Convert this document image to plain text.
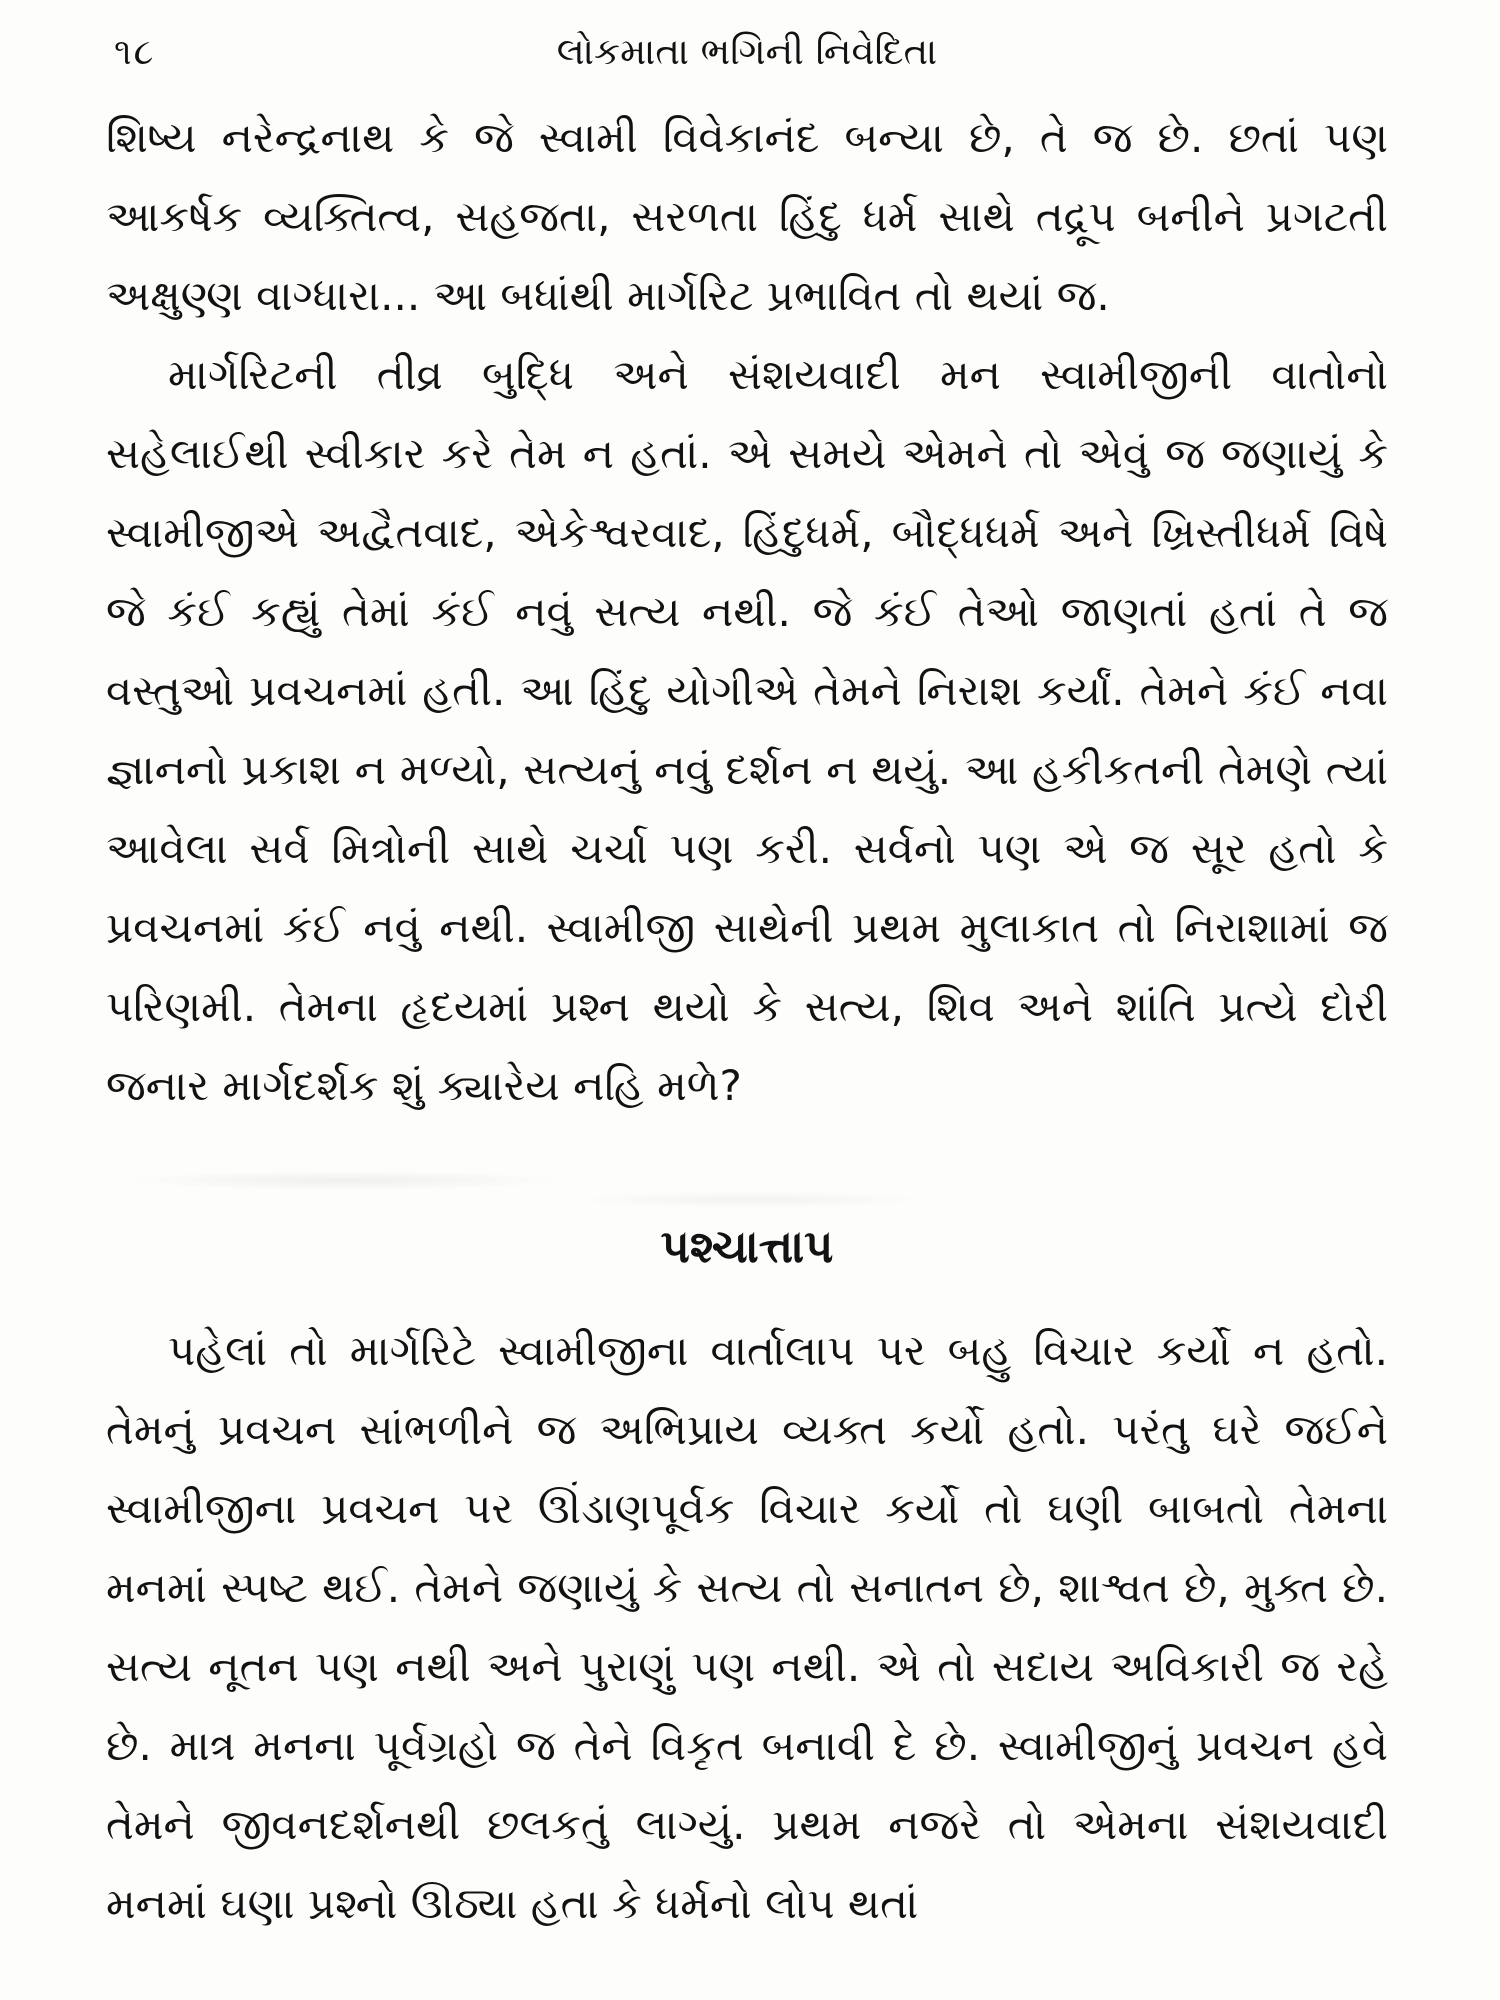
૧૮	લોકમાતા ભગિની નિવેદિતા

શિષ્ય નરેન્દ્રનાથ કે જે સ્વામી વિવેકાનંદ બન્યા છે, તે જ છે. છતાં પણ આકર્ષક વ્યક્તિત્વ, સહજતા, સરળતા હિંદુ ધર્મ સાથે તદ્રૂપ બનીને પ્રગટતી અક્ષુણ્ણ વાગ્ધારા... આ બધાંથી માર્ગરિટ પ્રભાવિત તો થયાં જ.

માર્ગરિટની તીવ્ર બુદ્ધિ અને સંશયવાદી મન સ્વામીજીની વાતોનો સહેલાઈથી સ્વીકાર કરે તેમ ન હતાં. એ સમયે એમને તો એવું જ જણાયું કે સ્વામીજીએ અદ્વૈતવાદ, એકેશ્વરવાદ, હિંદુધર્મ, બૌદ્ધધર્મ અને ખ્રિસ્તીધર્મ વિષે જે કંઈ કહ્યું તેમાં કંઈ નવું સત્ય નથી. જે કંઈ તેઓ જાણતાં હતાં તે જ વસ્તુઓ પ્રવચનમાં હતી. આ હિંદુ યોગીએ તેમને નિરાશ કર્યાં. તેમને કંઈ નવા જ્ઞાનનો પ્રકાશ ન મળ્યો, સત્યનું નવું દર્શન ન થયું. આ હકીકતની તેમણે ત્યાં આવેલા સર્વ મિત્રોની સાથે ચર્ચા પણ કરી. સર્વનો પણ એ જ સૂર હતો કે પ્રવચનમાં કંઈ નવું નથી. સ્વામીજી સાથેની પ્રથમ મુલાકાત તો નિરાશામાં જ પરિણમી. તેમના હૃદયમાં પ્રશ્ન થયો કે સત્ય, શિવ અને શાંતિ પ્રત્યે દોરી જનાર માર્ગદર્શક શું ક્યારેય નહિ મળે?

પશ્ચાત્તાપ

પહેલાં તો માર્ગરિટે સ્વામીજીના વાર્તાલાપ પર બહુ વિચાર કર્યો ન હતો. તેમનું પ્રવચન સાંભળીને જ અભિપ્રાય વ્યક્ત કર્યો હતો. પરંતુ ઘરે જઈને સ્વામીજીના પ્રવચન પર ઊંડાણપૂર્વક વિચાર કર્યો તો ઘણી બાબતો તેમના મનમાં સ્પષ્ટ થઈ. તેમને જણાયું કે સત્ય તો સનાતન છે, શાશ્વત છે, મુક્ત છે. સત્ય નૂતન પણ નથી અને પુરાણું પણ નથી. એ તો સદાય અવિકારી જ રહે છે. માત્ર મનના પૂર્વગ્રહો જ તેને વિકૃત બનાવી દે છે. સ્વામીજીનું પ્રવચન હવે તેમને જીવનદર્શનથી છલકતું લાગ્યું. પ્રથમ નજરે તો એમના સંશયવાદી મનમાં ઘણા પ્રશ્નો ઊઠ્યા હતા કે ધર્મનો લોપ થતાં
